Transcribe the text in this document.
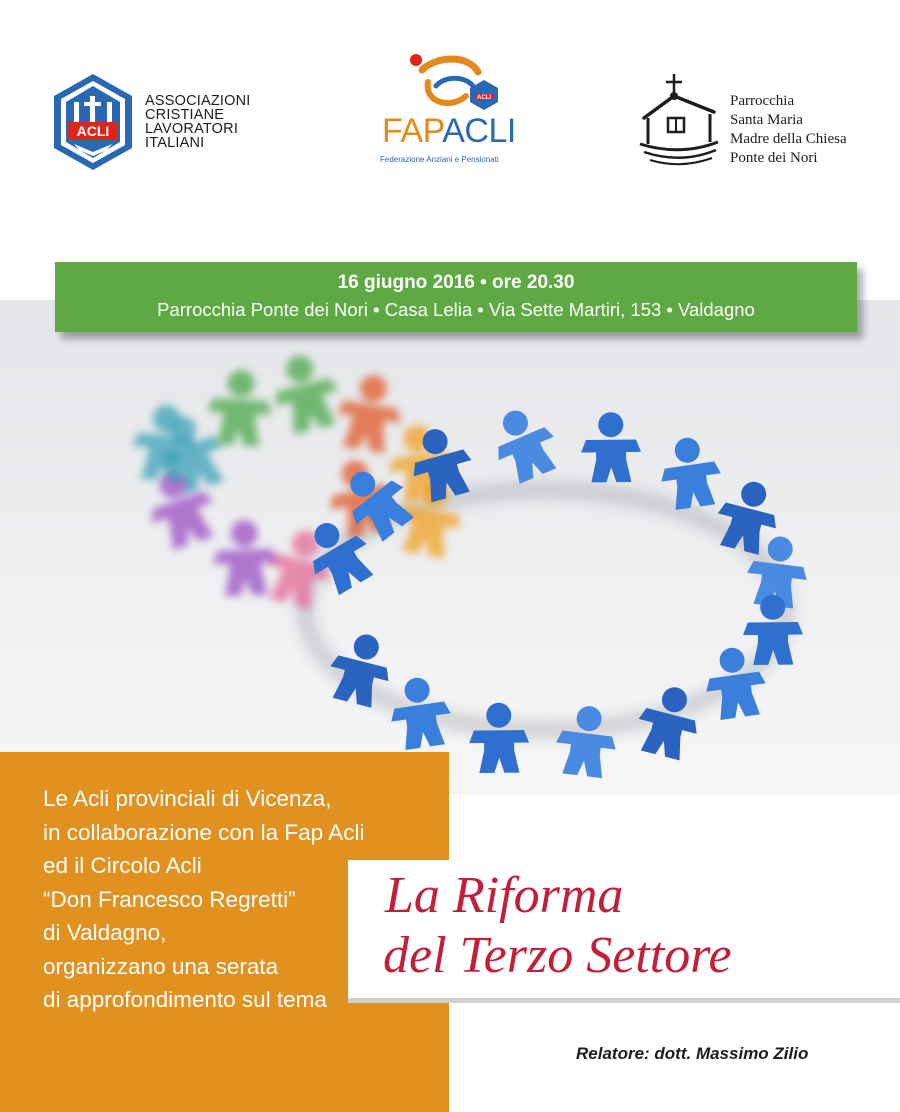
ACLI
ASSOCIAZIONI
CRISTIANE
LAVORATORI
ITALIANI
ACLI
FAPACLI
Federazione Anziani e Pensionati
Parrocchia
Santa Maria
Madre della Chiesa
Ponte dei Nori
16 giugno 2016 • ore 20.30
Parrocchia Ponte dei Nori • Casa Lelia • Via Sette Martiri, 153 • Valdagno
Le Acli provinciali di Vicenza,
in collaborazione con la Fap Acli
ed il Circolo Acli
“Don Francesco Regretti”
di Valdagno,
organizzano una serata
di approfondimento sul tema
La Riforma
del Terzo Settore
Relatore: dott. Massimo Zilio
